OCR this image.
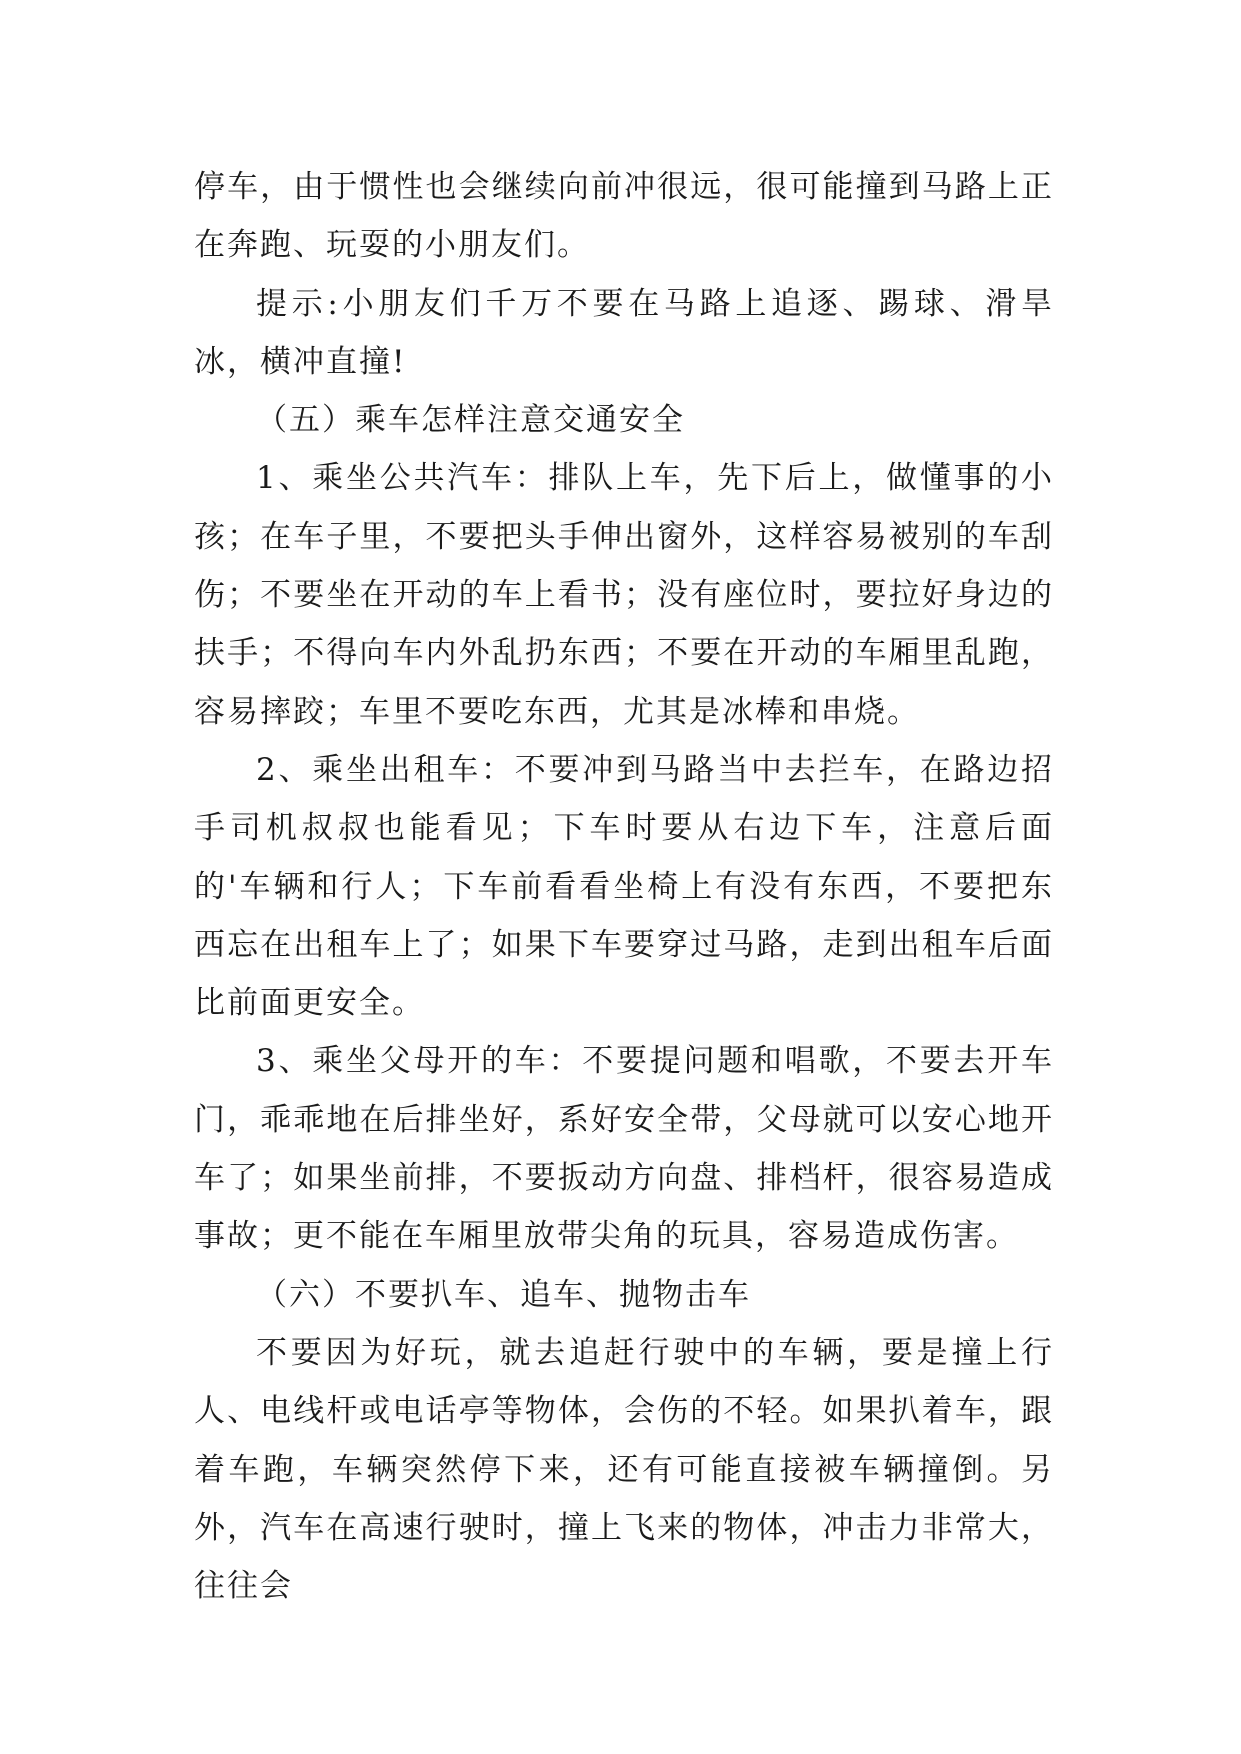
停车，由于惯性也会继续向前冲很远，很可能撞到马路上正在奔跑、玩耍的小朋友们。

提示:小朋友们千万不要在马路上追逐、踢球、滑旱冰，横冲直撞!

（五）乘车怎样注意交通安全

1、乘坐公共汽车：排队上车，先下后上，做懂事的小孩；在车子里，不要把头手伸出窗外，这样容易被别的车刮伤；不要坐在开动的车上看书；没有座位时，要拉好身边的扶手；不得向车内外乱扔东西；不要在开动的车厢里乱跑，容易摔跤；车里不要吃东西，尤其是冰棒和串烧。

2、乘坐出租车：不要冲到马路当中去拦车，在路边招手司机叔叔也能看见；下车时要从右边下车，注意后面的'车辆和行人；下车前看看坐椅上有没有东西，不要把东西忘在出租车上了；如果下车要穿过马路，走到出租车后面比前面更安全。

3、乘坐父母开的车：不要提问题和唱歌，不要去开车门，乖乖地在后排坐好，系好安全带，父母就可以安心地开车了；如果坐前排，不要扳动方向盘、排档杆，很容易造成事故；更不能在车厢里放带尖角的玩具，容易造成伤害。

（六）不要扒车、追车、抛物击车

不要因为好玩，就去追赶行驶中的车辆，要是撞上行人、电线杆或电话亭等物体，会伤的不轻。如果扒着车，跟着车跑，车辆突然停下来，还有可能直接被车辆撞倒。另外，汽车在高速行驶时，撞上飞来的物体，冲击力非常大，往往会
